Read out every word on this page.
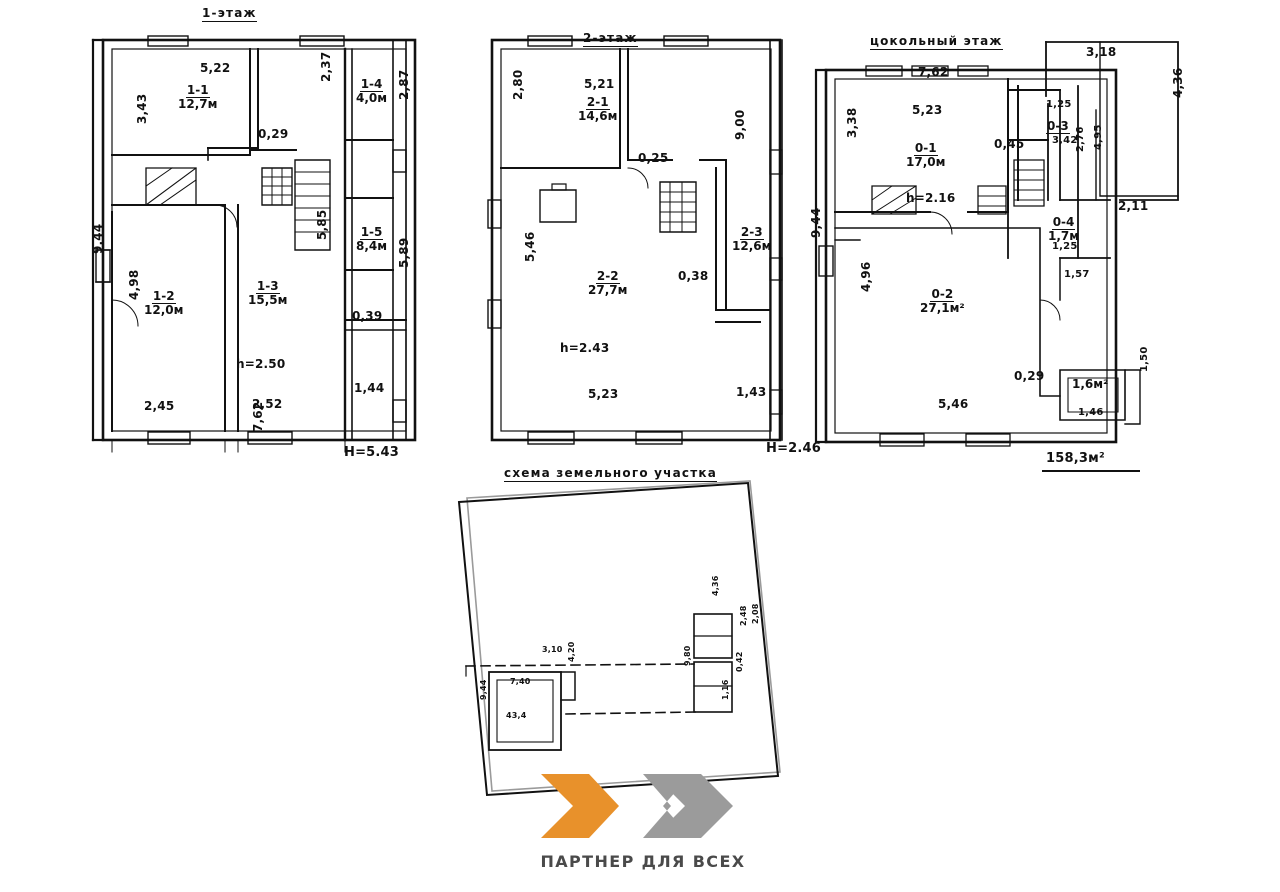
1-этаж
2-этаж	цокольный этаж
схема земельного участка
1-1
12,7м
1-2
12,0м
1-3
15,5м
1-4
4,0м
1-5
8,4м
5,22
3,43
9,44
4,98
2,45	2,52
7,62
0,29
2,37
2,87
5,85
5,89
0,39
1,44
h=2.50
H=5.43
2-1
14,6м
2-2
27,7м
2-3
12,6м
5,21
2,80
5,46
5,23
0,25
0,38
9,00
1,43
h=2.43
H=2.46
0-1
17,0м
0-2
27,1м²
0-3
0-4
1,7м
1,6м²
7,62
5,23
3,38
9,44
4,96
5,46
0,45
0,29
3,18
4,36
2,11
1,25
3,42
2,76 4,95
1,25
1,57
1,50
1,46
h=2.16
158,3м²
3,10
7,40
43,4
9,44
4,20
4,36
2,48 2,08
9,80	0,42
1,16
ПАРТНЕР ДЛЯ ВСЕХ
